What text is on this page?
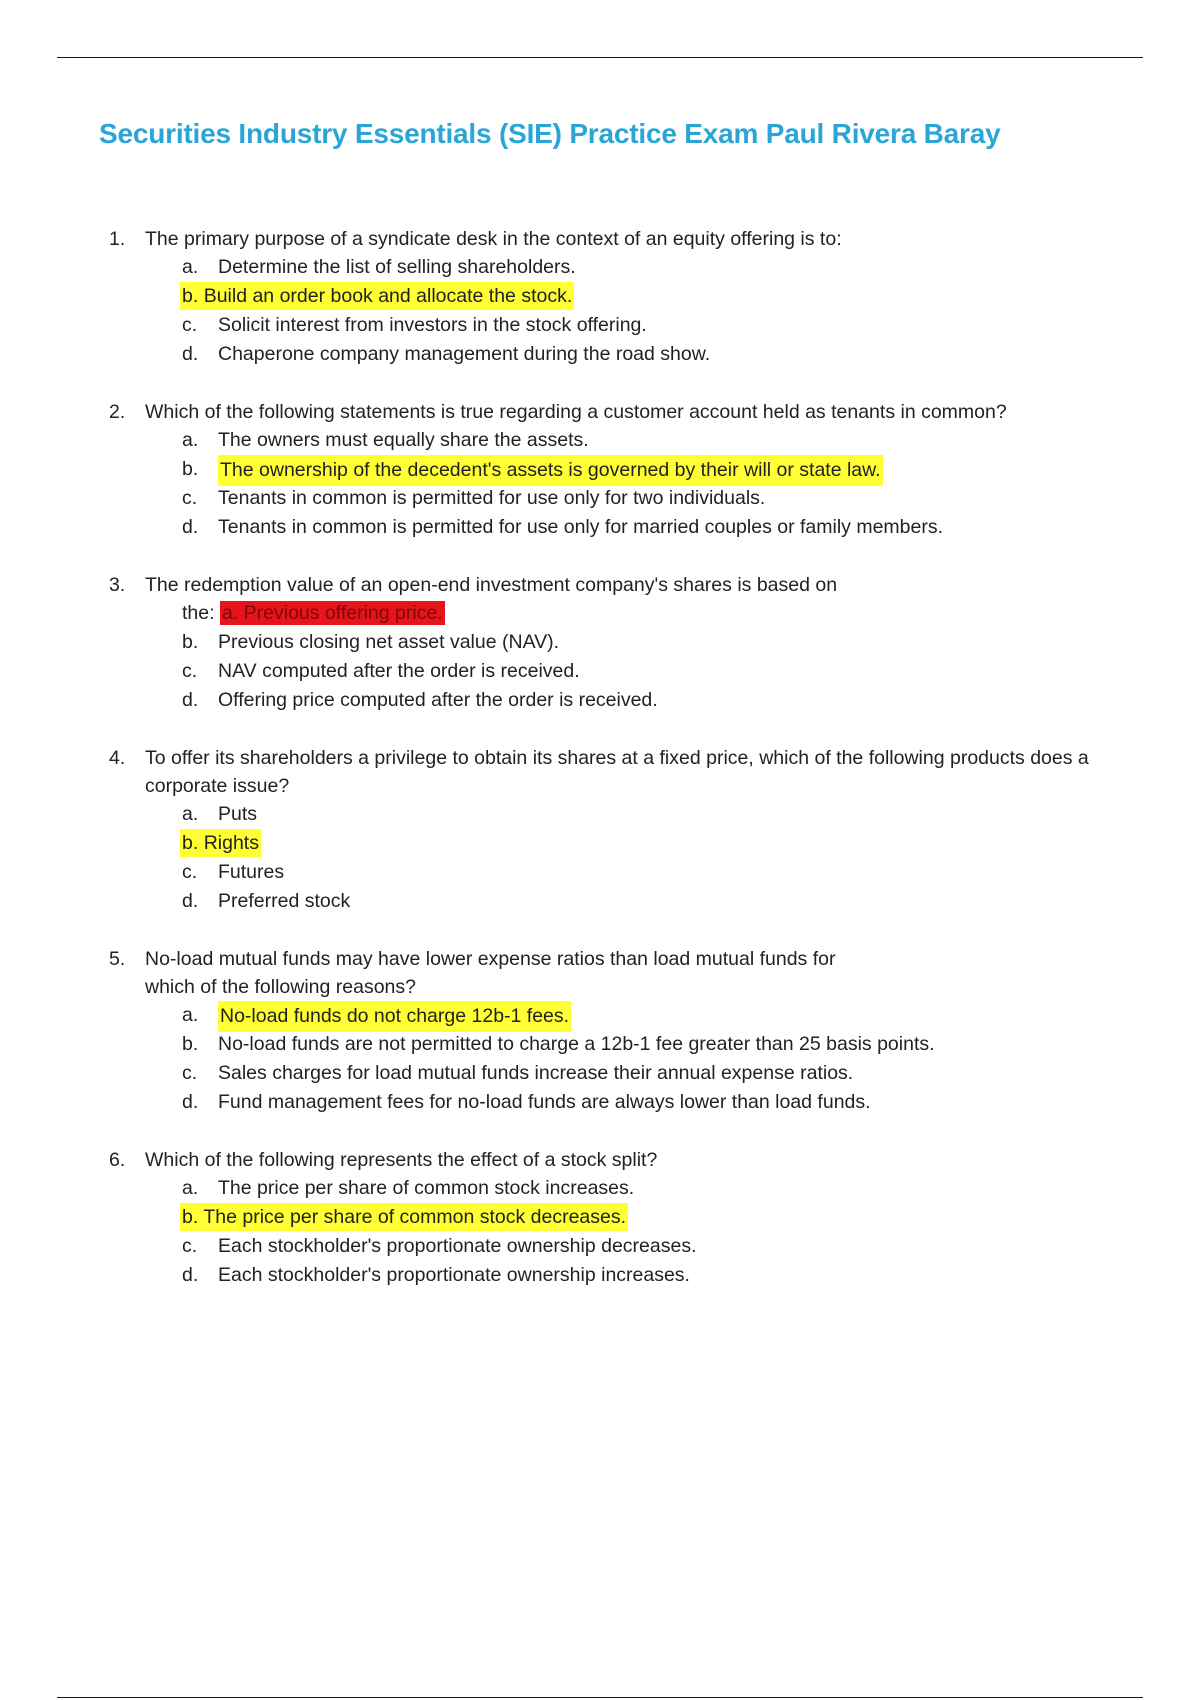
Securities Industry Essentials (SIE) Practice Exam Paul Rivera Baray
1. The primary purpose of a syndicate desk in the context of an equity offering is to:
a. Determine the list of selling shareholders.
b. Build an order book and allocate the stock.
c. Solicit interest from investors in the stock offering.
d. Chaperone company management during the road show.
2. Which of the following statements is true regarding a customer account held as tenants in common?
a. The owners must equally share the assets.
b. The ownership of the decedent's assets is governed by their will or state law.
c. Tenants in common is permitted for use only for two individuals.
d. Tenants in common is permitted for use only for married couples or family members.
3. The redemption value of an open-end investment company's shares is based on
the: a. Previous offering price.
b. Previous closing net asset value (NAV).
c. NAV computed after the order is received.
d. Offering price computed after the order is received.
4. To offer its shareholders a privilege to obtain its shares at a fixed price, which of the following products does a corporate issue?
a. Puts
b. Rights
c. Futures
d. Preferred stock
5. No-load mutual funds may have lower expense ratios than load mutual funds for which of the following reasons?
a. No-load funds do not charge 12b-1 fees.
b. No-load funds are not permitted to charge a 12b-1 fee greater than 25 basis points.
c. Sales charges for load mutual funds increase their annual expense ratios.
d. Fund management fees for no-load funds are always lower than load funds.
6. Which of the following represents the effect of a stock split?
a. The price per share of common stock increases.
b. The price per share of common stock decreases.
c. Each stockholder's proportionate ownership decreases.
d. Each stockholder's proportionate ownership increases.
